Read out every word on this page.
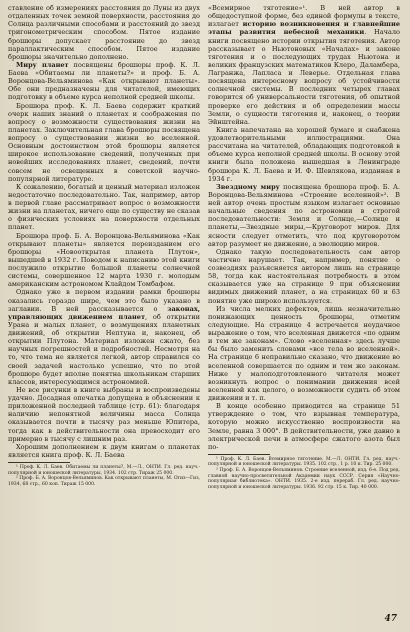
ставление об измерениях расстояния до Луны из двух отдаленных точек земной поверхности, расстояния до Солнца различными способами и расстояний до звезд тригонометрическим способом. Пятое издание брошюры допускает расстояние до звезд параллактическим способом. Пятое издание брошюры значительно дополнено.

Миру планет посвящены брошюры проф. К. Л. Баева «Обитаемы ли планеты?» и проф. Б. А. Воронцова-Вельяминова «Как открывают планеты». Обе они предназначены для читателей, имеющих подготовку в объеме курса неполной средней школы.

Брошюра проф. К. Л. Баева содержит краткий очерк наших знаний о планетах и соображения по вопросу о возможности существования жизни на планетах. Заключительная глава брошюры посвящена вопросу о существовании жизни во вселенной. Основным достоинством этой брошюры является широкое использование сведений, полученных при новейших исследованиях планет, сведений, почти совсем не освещенных в советской научно-популярной литературе.

К сожалению, богатый и ценный материал изложен недостаточно последовательно. Так, например, автор в первой главе рассматривает вопрос о возможности жизни на планетах, ничего еще по существу не сказав о физических условиях на поверхности отдельных планет.

Брошюра проф. Б. А. Воронцова-Вельяминова «Как открывают планеты» является переизданием его брошюры «Новооткрытая планета Плутон», вышедшей в 1932 г. Поводом к написанию этой книги послужило открытие большой планеты солнечной системы, совершенное 12 марта 1930 г. молодым американским астрономом Клайдом Томбафом.

Однако уже в первом издании рамки брошюры оказались гораздо шире, чем это было указано в заглавии. В ней рассказывается о законах, управляющих движением планет, об открытии Урана и малых планет, о возмущениях планетных движений, об открытии Нептуна и, наконец, об открытии Плутона. Материал изложен сжато, без научных погрешностей и подробностей. Несмотря на то, что тема не является легкой, автор справился со своей задачей настолько успешно, что по этой брошюре будет вполне понятна школьникам старших классов, интересующимся астрономией.

Не все рисунки в книге выбраны и воспроизведены удачно. Досадная опечатка допущена в объяснении к приложенной последней таблице (стр. 61): благодаря наличию непонятной величины масса Солнца оказывается почти в тысячу раз меньше Юпитера, тогда как в действительности она превосходит его примерно в тысячу с лишним раз.

Хорошим дополнением к двум книгам о планетах является книга проф. К. Л. Баева

¹ Проф. К. Л. Баев. Обитаемы ли планеты?, М.—Л., ОНТИ. Гл. ред. науч.-популярной и юношеской литературы, 1934. 102 стр. Тираж 25 000.

² Проф. Б. А. Воронцов-Вельяминов. Как открывают планеты, М. Огиз—Гиз, 1934, 68 стр., 60 коп. Тираж 15 000.

«Всемирное тяготение»¹. В ней автор в общедоступной форме, без единой формулы в тексте, излагает историю возникновения и главнейшие этапы развития небесной механики. Начало книги посвящено истории открытия тяготения. Автор рассказывает о Ньютоновых «Началах» и законе тяготения и о последующих трудах Ньютона и великих французских математиков Клеро, Даламбера, Лагранжа, Лапласа и Леверье. Отдельная глава посвящена интересному вопросу об устойчивости солнечной системы. В последних четырех главах говорится об универсальности тяготения, об опытной проверке его действия и об определении массы Земли, о сущности тяготения и, наконец, о теории Эйнштейна.

Книга напечатана на хорошей бумаге и снабжена удовлетворительными иллюстрациями. Она рассчитана на читателей, обладающих подготовкой в объеме курса неполной средней школы. В основу этой книги была положена вышедшая в Ленинграде брошюра К. Л. Баева и И. Ф. Шевлякова, изданная в 1934 г.

Звездному миру посвящена брошюра проф. Б. А. Воронцова-Вельяминова «Строение вселенной»². В ней автор очень простым языком излагает основные начальные сведения по астрономии в строгой последовательности: Земля и Солнце,—Солнце и планеты,—Звездные миры,—Круговорот миров. Для ясности следует отметить, что под круговоротом автор разумеет не движение, а эволюцию миров.

Однако такую последовательность сам автор частично нарушает. Так, например, понятие о созвездиях разъясняется автором лишь на странице 58, тогда как настоятельная потребность в этом сказывается уже на странице 9 при объяснении видимых движений планет, а на страницах 60 и 63 понятие уже широко используется.

Из числа мелких дефектов, лишь незначительно понижающих ценность брошюры, отметим следующие. На странице 4 встречается неудачное выражение о том, что вселенная движется «по одним и тем же законам». Слово «вселенная» здесь лучше бы было заменить словами «все тела во вселенной». На странице 6 неправильно сказано, что движение во вселенной совершается по одним и тем же законам. Ниже у малоподготовленного читателя может возникнуть вопрос о понимании движения всей вселенной как целого, о возможности судить об этом движении и т. п.

В конце особенно приводится на странице 51 утверждение о том, что взрывная температура, которую можно искусственно воспроизвести на Земле, равна 3 000°. В действительности, уже давно в электрической печи в атмосфере сжатого азота был по-

¹ Проф. К. Л. Баев. Всемирное тяготение. М.—Л. ОНТИ. Гл. ред. науч.-популярной и юношеской литературы. 1935. 102 стр., 1 р. 10 к. Тир. 25 000.

² Проф. Б. А. Воронцов-Вельяминов. Строение вселенной, изд. 6-е. Под ред. главной научно-просветительной Академии наук СССР. Серия «Научно-популярная библиотека». ОНТИ. 1935. 2-е изд. перераб. Гл. ред. научно-популярной и юношеской литературы. 1936. 92 стр. 15 к. Тир. 40 000.

47
